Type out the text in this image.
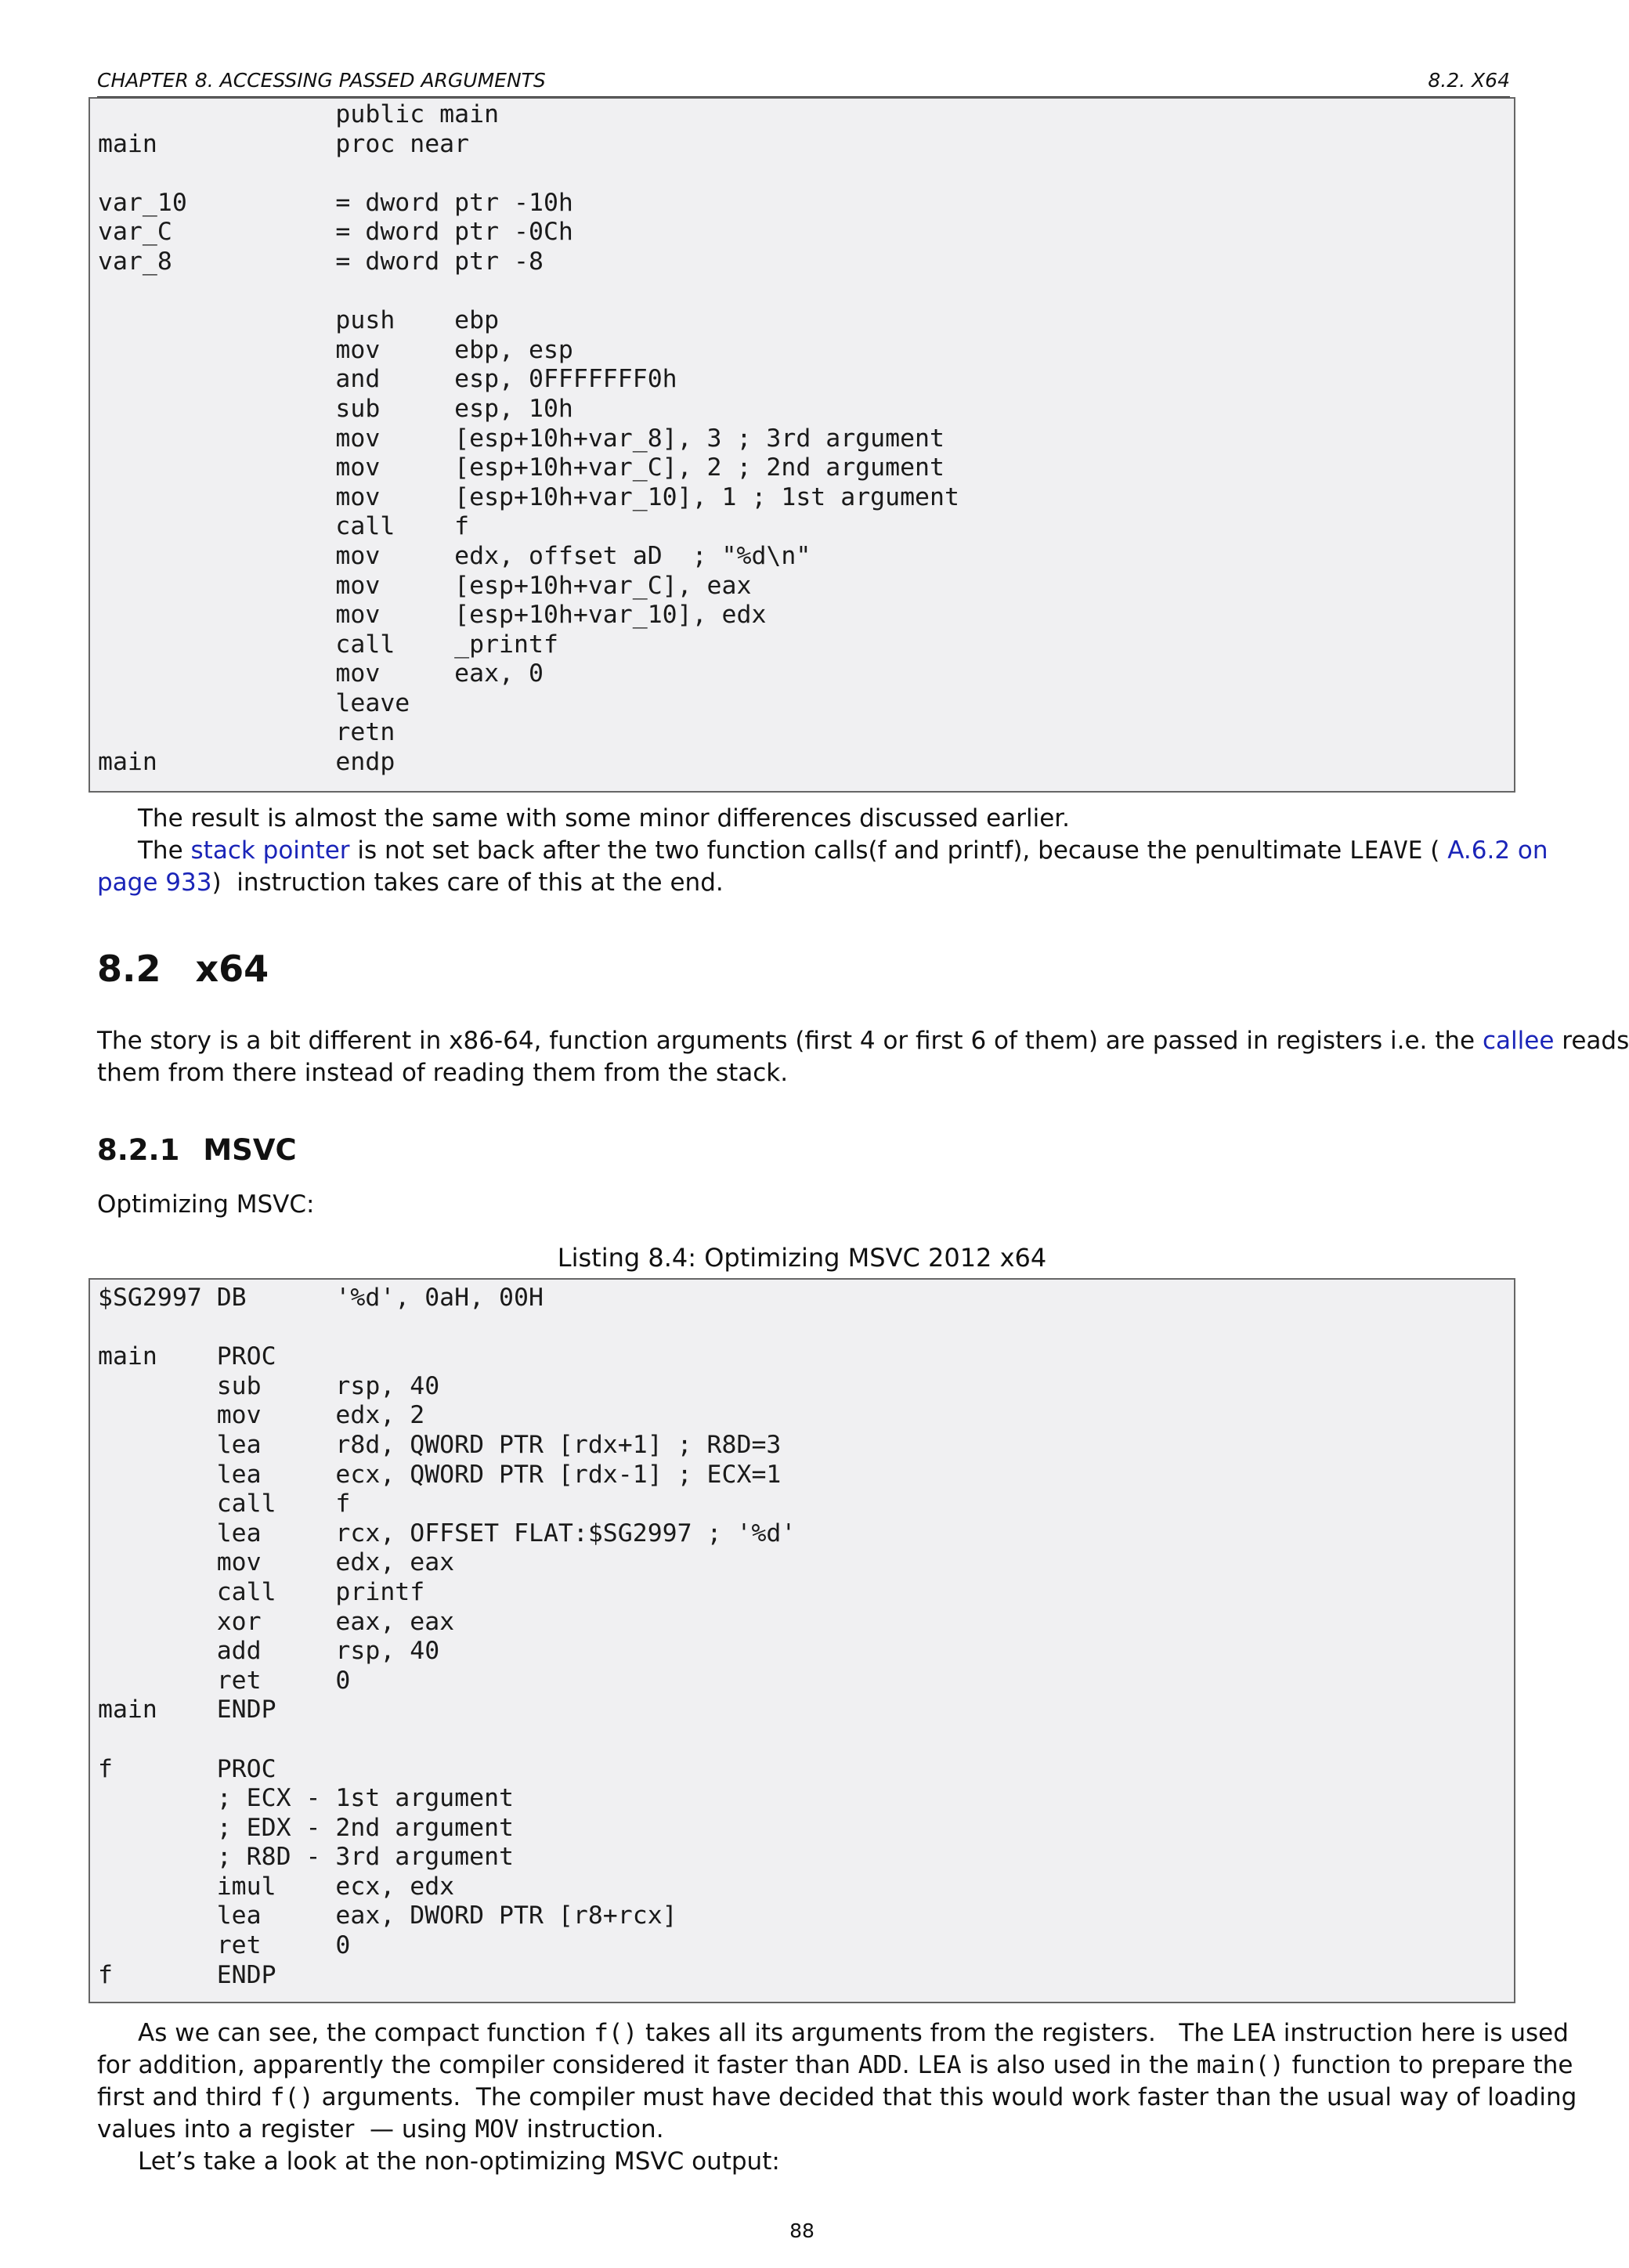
CHAPTER 8. ACCESSING PASSED ARGUMENTS	8.2. X64
public main
main            proc near
var_10          = dword ptr -10h
var_C           = dword ptr -0Ch
var_8           = dword ptr -8
push    ebp
mov     ebp, esp
and     esp, 0FFFFFFF0h
sub     esp, 10h
mov     [esp+10h+var_8], 3 ; 3rd argument
mov     [esp+10h+var_C], 2 ; 2nd argument
mov     [esp+10h+var_10], 1 ; 1st argument
call    f
mov     edx, offset aD  ; "%d\n"
mov     [esp+10h+var_C], eax
mov     [esp+10h+var_10], edx
call    _printf
mov     eax, 0
leave
retn
main            endp
The result is almost the same with some minor differences discussed earlier.
The stack pointer is not set back after the two function calls(f and printf), because the penultimate LEAVE ( A.6.2 on
page 933)  instruction takes care of this at the end.
8.2 x64
The story is a bit different in x86-64, function arguments (first 4 or first 6 of them) are passed in registers i.e. the callee reads
them from there instead of reading them from the stack.
8.2.1 MSVC
Optimizing MSVC:
Listing 8.4: Optimizing MSVC 2012 x64
$SG2997 DB      '%d', 0aH, 00H
main    PROC
sub     rsp, 40
mov     edx, 2
lea     r8d, QWORD PTR [rdx+1] ; R8D=3
lea     ecx, QWORD PTR [rdx-1] ; ECX=1
call    f
lea     rcx, OFFSET FLAT:$SG2997 ; '%d'
mov     edx, eax
call    printf
xor     eax, eax
add     rsp, 40
ret     0
main    ENDP
f       PROC
; ECX - 1st argument
; EDX - 2nd argument
; R8D - 3rd argument
imul    ecx, edx
lea     eax, DWORD PTR [r8+rcx]
ret     0
f       ENDP
As we can see, the compact function f() takes all its arguments from the registers.   The LEA instruction here is used
for addition, apparently the compiler considered it faster than ADD. LEA is also used in the main() function to prepare the
first and third f() arguments.  The compiler must have decided that this would work faster than the usual way of loading
values into a register  — using MOV instruction.
Let’s take a look at the non-optimizing MSVC output:
88
